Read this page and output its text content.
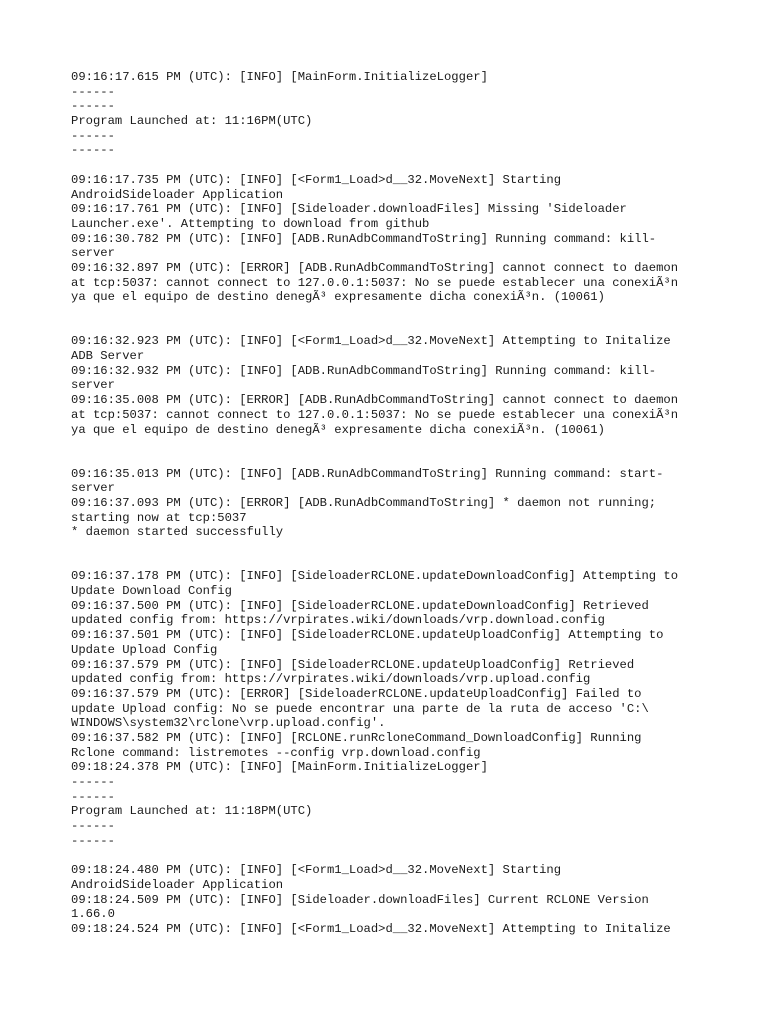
09:16:17.615 PM (UTC): [INFO] [MainForm.InitializeLogger]
------
------
Program Launched at: 11:16PM(UTC)
------
------
09:16:17.735 PM (UTC): [INFO] [<Form1_Load>d__32.MoveNext] Starting
AndroidSideloader Application
09:16:17.761 PM (UTC): [INFO] [Sideloader.downloadFiles] Missing 'Sideloader
Launcher.exe'. Attempting to download from github
09:16:30.782 PM (UTC): [INFO] [ADB.RunAdbCommandToString] Running command: kill-
server
09:16:32.897 PM (UTC): [ERROR] [ADB.RunAdbCommandToString] cannot connect to daemon
at tcp:5037: cannot connect to 127.0.0.1:5037: No se puede establecer una conexiÃ³n
ya que el equipo de destino denegÃ³ expresamente dicha conexiÃ³n. (10061)
09:16:32.923 PM (UTC): [INFO] [<Form1_Load>d__32.MoveNext] Attempting to Initalize
ADB Server
09:16:32.932 PM (UTC): [INFO] [ADB.RunAdbCommandToString] Running command: kill-
server
09:16:35.008 PM (UTC): [ERROR] [ADB.RunAdbCommandToString] cannot connect to daemon
at tcp:5037: cannot connect to 127.0.0.1:5037: No se puede establecer una conexiÃ³n
ya que el equipo de destino denegÃ³ expresamente dicha conexiÃ³n. (10061)
09:16:35.013 PM (UTC): [INFO] [ADB.RunAdbCommandToString] Running command: start-
server
09:16:37.093 PM (UTC): [ERROR] [ADB.RunAdbCommandToString] * daemon not running;
starting now at tcp:5037
* daemon started successfully
09:16:37.178 PM (UTC): [INFO] [SideloaderRCLONE.updateDownloadConfig] Attempting to
Update Download Config
09:16:37.500 PM (UTC): [INFO] [SideloaderRCLONE.updateDownloadConfig] Retrieved
updated config from: https://vrpirates.wiki/downloads/vrp.download.config
09:16:37.501 PM (UTC): [INFO] [SideloaderRCLONE.updateUploadConfig] Attempting to
Update Upload Config
09:16:37.579 PM (UTC): [INFO] [SideloaderRCLONE.updateUploadConfig] Retrieved
updated config from: https://vrpirates.wiki/downloads/vrp.upload.config
09:16:37.579 PM (UTC): [ERROR] [SideloaderRCLONE.updateUploadConfig] Failed to
update Upload config: No se puede encontrar una parte de la ruta de acceso 'C:\
WINDOWS\system32\rclone\vrp.upload.config'.
09:16:37.582 PM (UTC): [INFO] [RCLONE.runRcloneCommand_DownloadConfig] Running
Rclone command: listremotes --config vrp.download.config
09:18:24.378 PM (UTC): [INFO] [MainForm.InitializeLogger]
------
------
Program Launched at: 11:18PM(UTC)
------
------
09:18:24.480 PM (UTC): [INFO] [<Form1_Load>d__32.MoveNext] Starting
AndroidSideloader Application
09:18:24.509 PM (UTC): [INFO] [Sideloader.downloadFiles] Current RCLONE Version
1.66.0
09:18:24.524 PM (UTC): [INFO] [<Form1_Load>d__32.MoveNext] Attempting to Initalize
